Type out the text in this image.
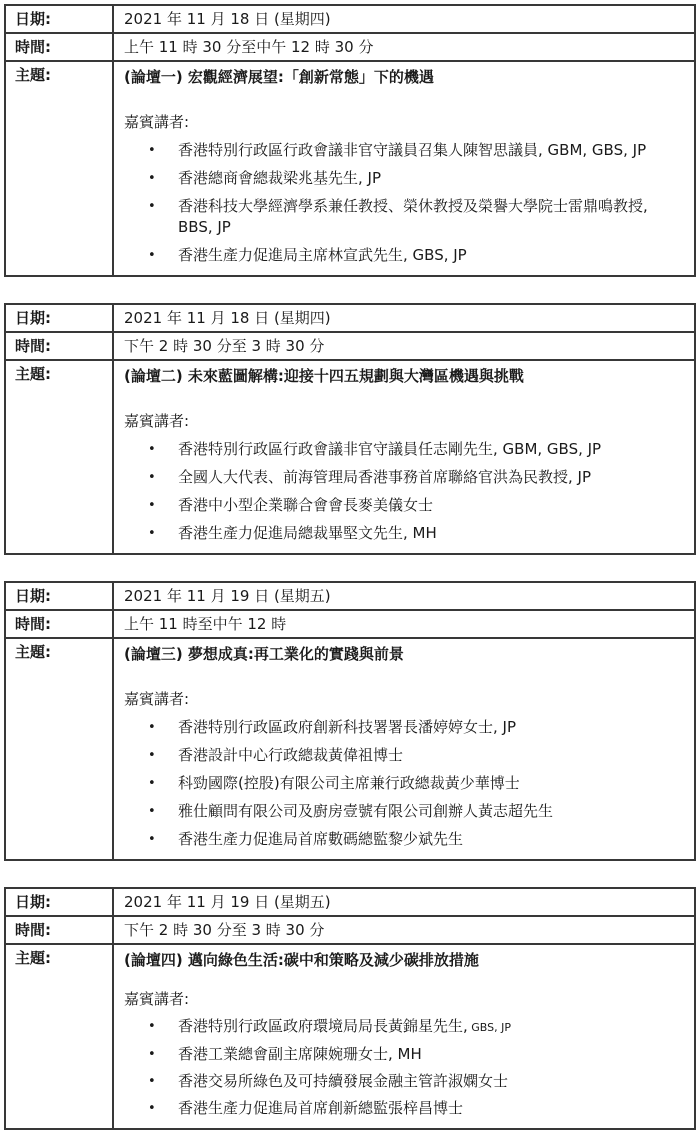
日期:	2021 年 11 月 18 日 (星期四)
時間:	上午 11 時 30 分至中午 12 時 30 分
主題:	(論壇一) 宏觀經濟展望:「創新常態」下的機遇
嘉賓講者:
•	香港特別行政區行政會議非官守議員召集人陳智思議員, GBM, GBS, JP
•	香港總商會總裁梁兆基先生, JP
•	香港科技大學經濟學系兼任教授、榮休教授及榮譽大學院士雷鼎鳴教授, BBS, JP
•	香港生產力促進局主席林宣武先生, GBS, JP
日期:	2021 年 11 月 18 日 (星期四)
時間:	下午 2 時 30 分至 3 時 30 分
主題:	(論壇二) 未來藍圖解構:迎接十四五規劃與大灣區機遇與挑戰
嘉賓講者:
•	香港特別行政區行政會議非官守議員任志剛先生, GBM, GBS, JP
•	全國人大代表、前海管理局香港事務首席聯絡官洪為民教授, JP
•	香港中小型企業聯合會會長麥美儀女士
•	香港生產力促進局總裁畢堅文先生, MH
日期:	2021 年 11 月 19 日 (星期五)
時間:	上午 11 時至中午 12 時
主題:	(論壇三) 夢想成真:再工業化的實踐與前景
嘉賓講者:
•	香港特別行政區政府創新科技署署長潘婷婷女士, JP
•	香港設計中心行政總裁黃偉祖博士
•	科勁國際(控股)有限公司主席兼行政總裁黃少華博士
•	雅仕顧問有限公司及廚房壹號有限公司創辦人黃志超先生
•	香港生產力促進局首席數碼總監黎少斌先生
日期:	2021 年 11 月 19 日 (星期五)
時間:	下午 2 時 30 分至 3 時 30 分
主題:	(論壇四) 邁向綠色生活:碳中和策略及減少碳排放措施
嘉賓講者:
•	香港特別行政區政府環境局局長黃錦星先生, GBS, JP
•	香港工業總會副主席陳婉珊女士, MH
•	香港交易所綠色及可持續發展金融主管許淑嫻女士
•	香港生產力促進局首席創新總監張梓昌博士
